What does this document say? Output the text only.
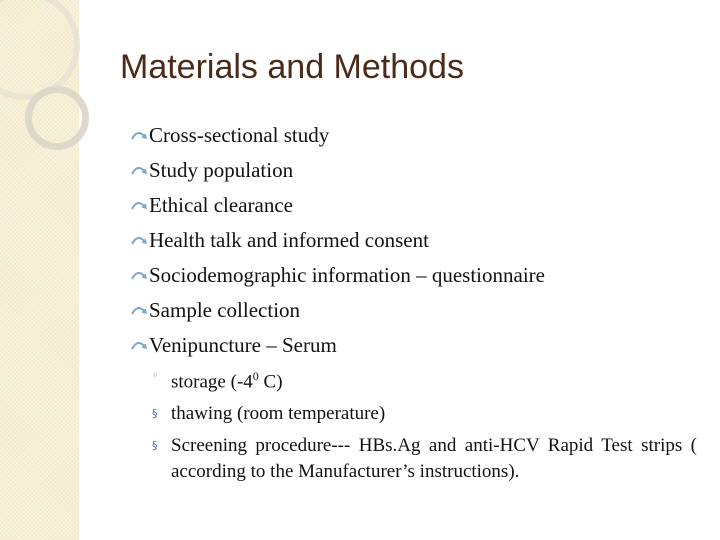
Materials and Methods
Cross-sectional study
Study population
Ethical clearance
Health talk and informed consent
Sociodemographic information – questionnaire
Sample collection
Venipuncture – Serum
◦ storage ($-4^0$ C)
§ thawing (room temperature)
§ Screening procedure--- HBs.Ag and anti-HCV Rapid Test strips ( according to the Manufacturer’s instructions).
